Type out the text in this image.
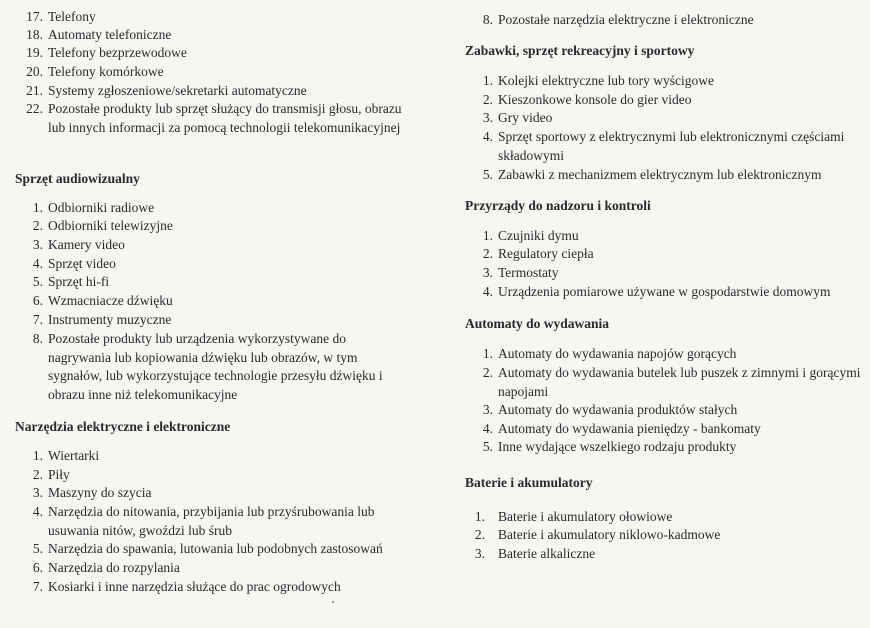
17. Telefony
18. Automaty telefoniczne
19. Telefony bezprzewodowe
20. Telefony komórkowe
21. Systemy zgłoszeniowe/sekretarki automatyczne
22. Pozostałe produkty lub sprzęt służący do transmisji głosu, obrazu lub innych informacji za pomocą technologii telekomunikacyjnej
Sprzęt audiowizualny
1. Odbiorniki radiowe
2. Odbiorniki telewizyjne
3. Kamery video
4. Sprzęt video
5. Sprzęt hi-fi
6. Wzmacniacze dźwięku
7. Instrumenty muzyczne
8. Pozostałe produkty lub urządzenia wykorzystywane do nagrywania lub kopiowania dźwięku lub obrazów, w tym sygnałów, lub wykorzystujące technologie przesyłu dźwięku i obrazu inne niż telekomunikacyjne
Narzędzia elektryczne i elektroniczne
1. Wiertarki
2. Piły
3. Maszyny do szycia
4. Narzędzia do nitowania, przybijania lub przyśrubowania lub usuwania nitów, gwoździ lub śrub
5. Narzędzia do spawania, lutowania lub podobnych zastosowań
6. Narzędzia do rozpylania
7. Kosiarki i inne narzędzia służące do prac ogrodowych
8. Pozostałe narzędzia elektryczne i elektroniczne
Zabawki, sprzęt rekreacyjny i sportowy
1. Kolejki elektryczne lub tory wyścigowe
2. Kieszonkowe konsole do gier video
3. Gry video
4. Sprzęt sportowy z elektrycznymi lub elektronicznymi częściami składowymi
5. Zabawki z mechanizmem elektrycznym lub elektronicznym
Przyrządy do nadzoru i kontroli
1. Czujniki dymu
2. Regulatory ciepła
3. Termostaty
4. Urządzenia pomiarowe używane w gospodarstwie domowym
Automaty do wydawania
1. Automaty do wydawania napojów gorących
2. Automaty do wydawania butelek lub puszek z zimnymi i gorącymi napojami
3. Automaty do wydawania produktów stałych
4. Automaty do wydawania pieniędzy - bankomaty
5. Inne wydające wszelkiego rodzaju produkty
Baterie i akumulatory
1. Baterie i akumulatory ołowiowe
2. Baterie i akumulatory niklowo-kadmowe
3. Baterie alkaliczne
